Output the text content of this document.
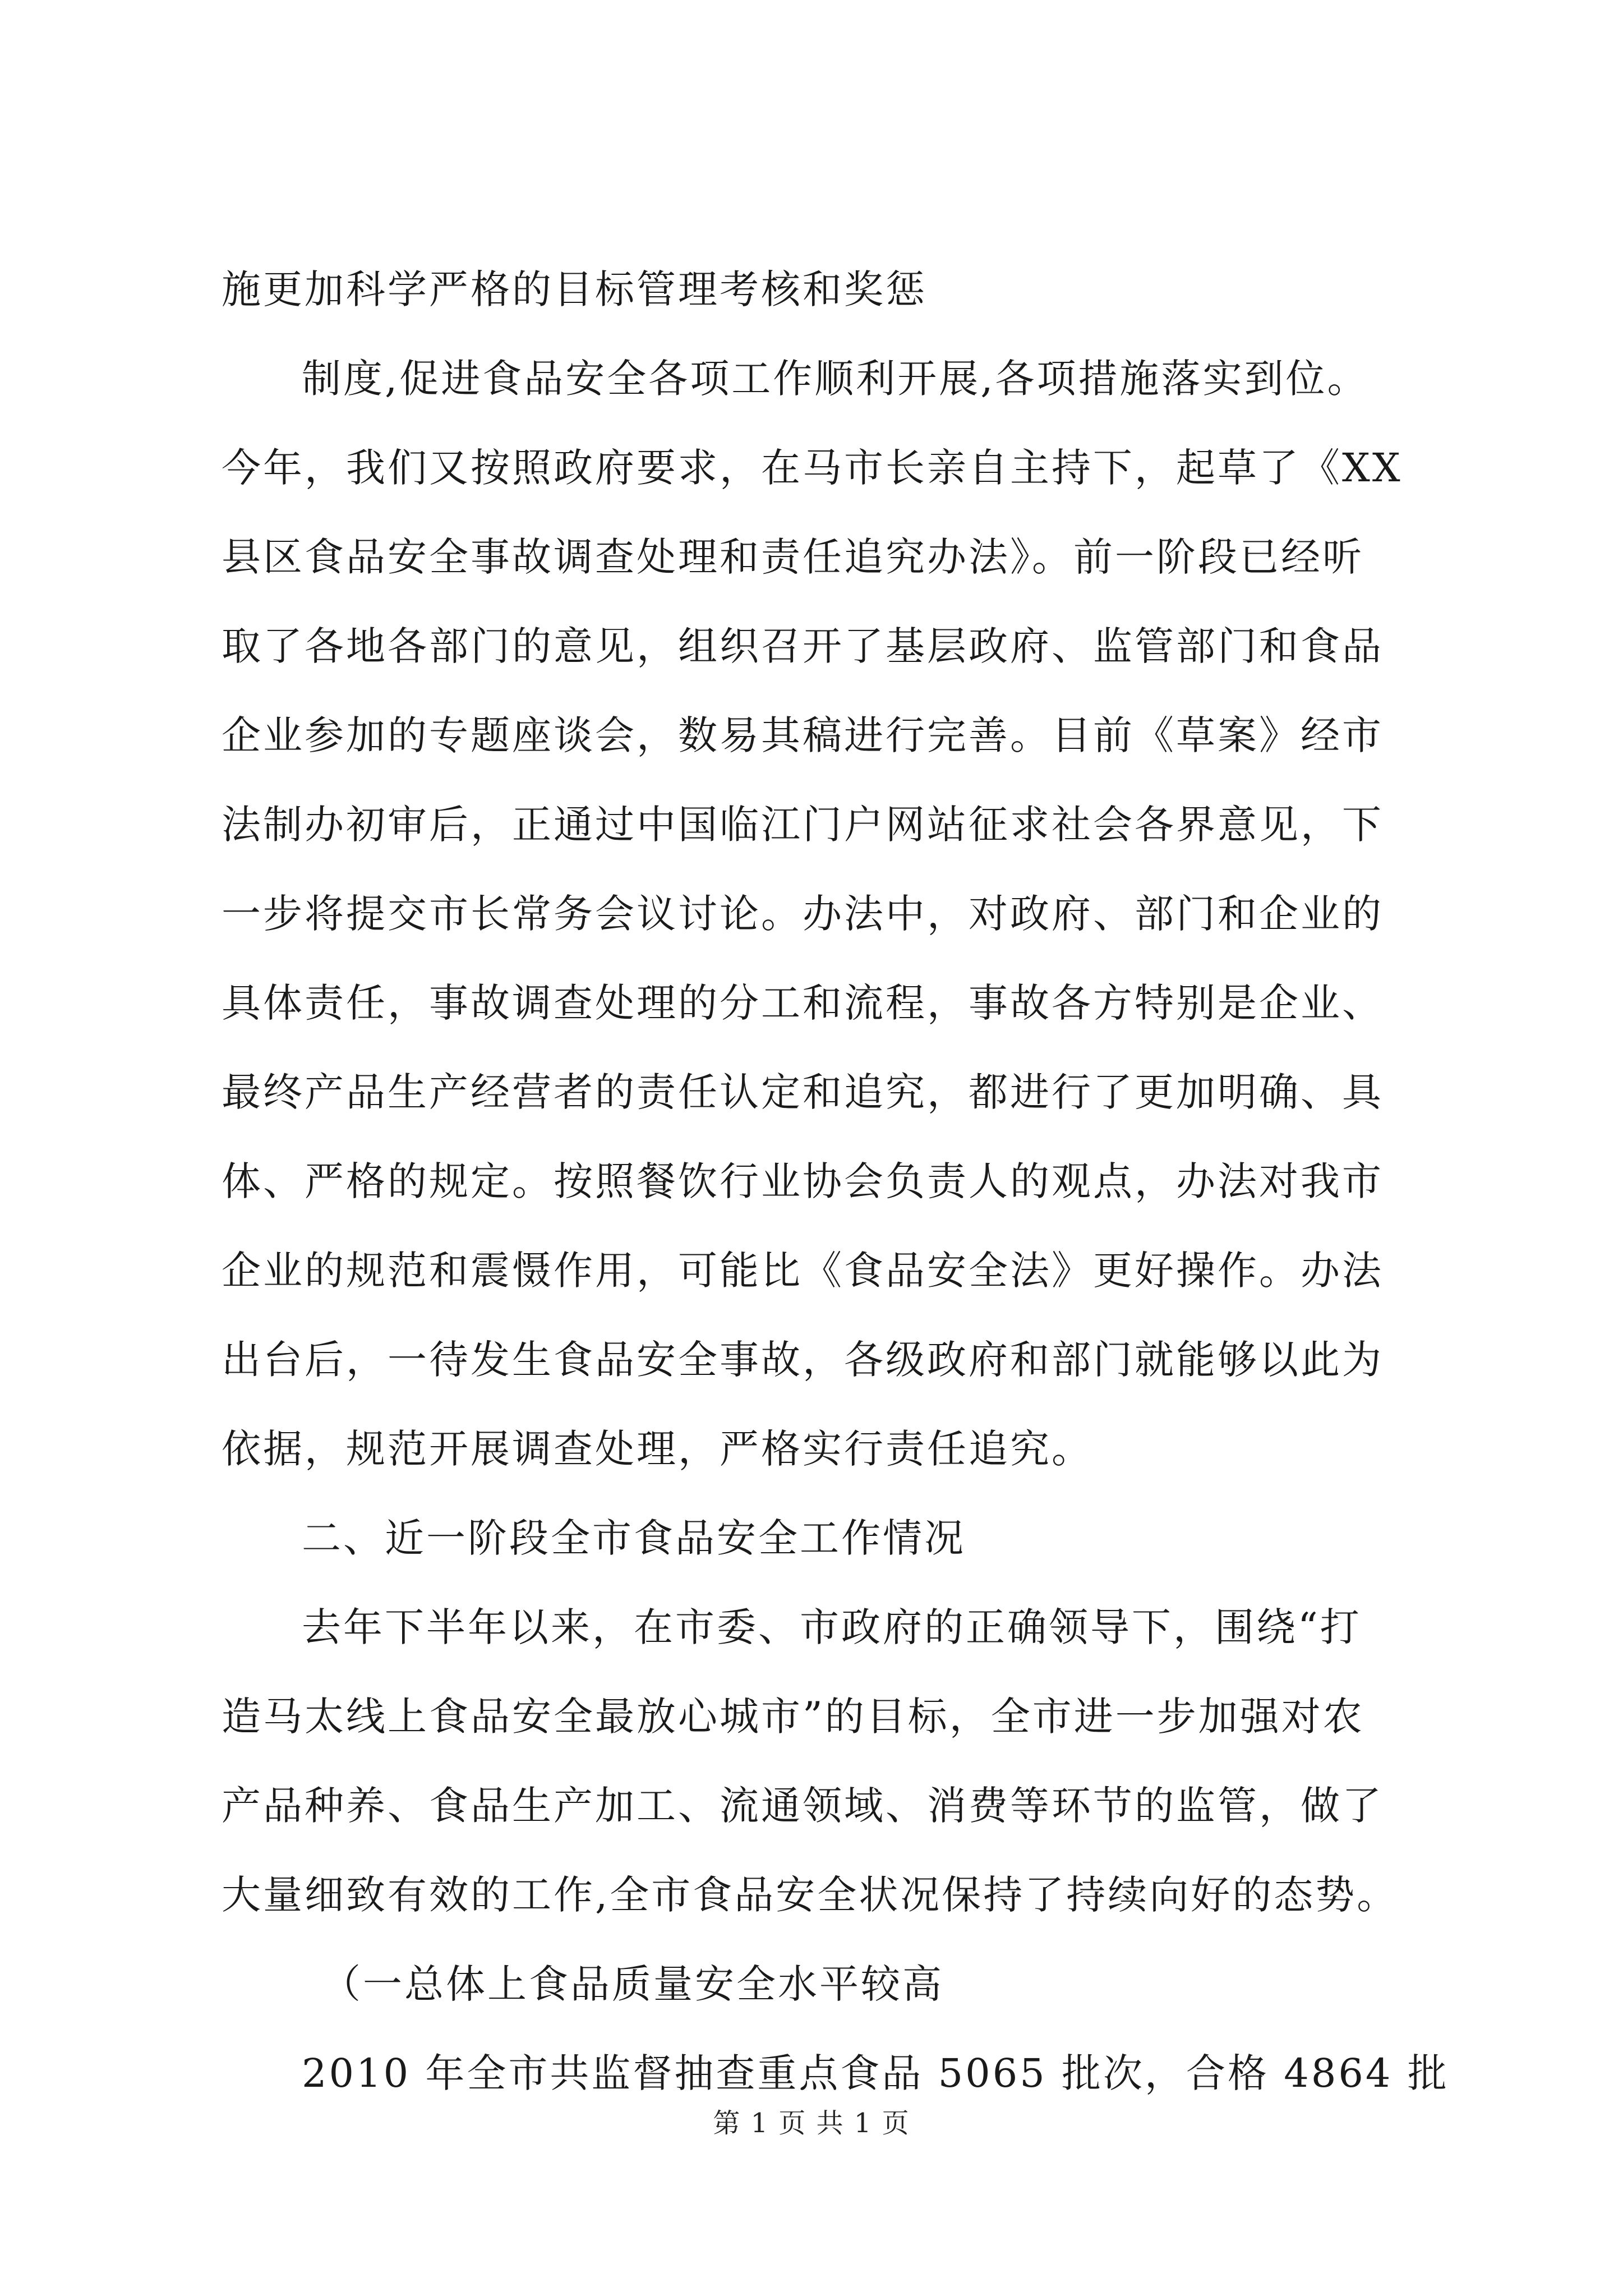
施更加科学严格的目标管理考核和奖惩
制度,促进食品安全各项工作顺利开展,各项措施落实到位。
今年，我们又按照政府要求，在马市长亲自主持下，起草了《XX
县区食品安全事故调查处理和责任追究办法》。前一阶段已经听
取了各地各部门的意见，组织召开了基层政府、监管部门和食品
企业参加的专题座谈会，数易其稿进行完善。目前《草案》经市
法制办初审后，正通过中国临江门户网站征求社会各界意见，下
一步将提交市长常务会议讨论。办法中，对政府、部门和企业的
具体责任，事故调查处理的分工和流程，事故各方特别是企业、
最终产品生产经营者的责任认定和追究，都进行了更加明确、具
体、严格的规定。按照餐饮行业协会负责人的观点，办法对我市
企业的规范和震慑作用，可能比《食品安全法》更好操作。办法
出台后，一待发生食品安全事故，各级政府和部门就能够以此为
依据，规范开展调查处理，严格实行责任追究。
二、近一阶段全市食品安全工作情况
去年下半年以来，在市委、市政府的正确领导下，围绕“打
造马太线上食品安全最放心城市”的目标，全市进一步加强对农
产品种养、食品生产加工、流通领域、消费等环节的监管，做了
大量细致有效的工作,全市食品安全状况保持了持续向好的态势。
（一总体上食品质量安全水平较高
2010 年全市共监督抽查重点食品 5065 批次，合格 4864 批
第 1 页 共 1 页
